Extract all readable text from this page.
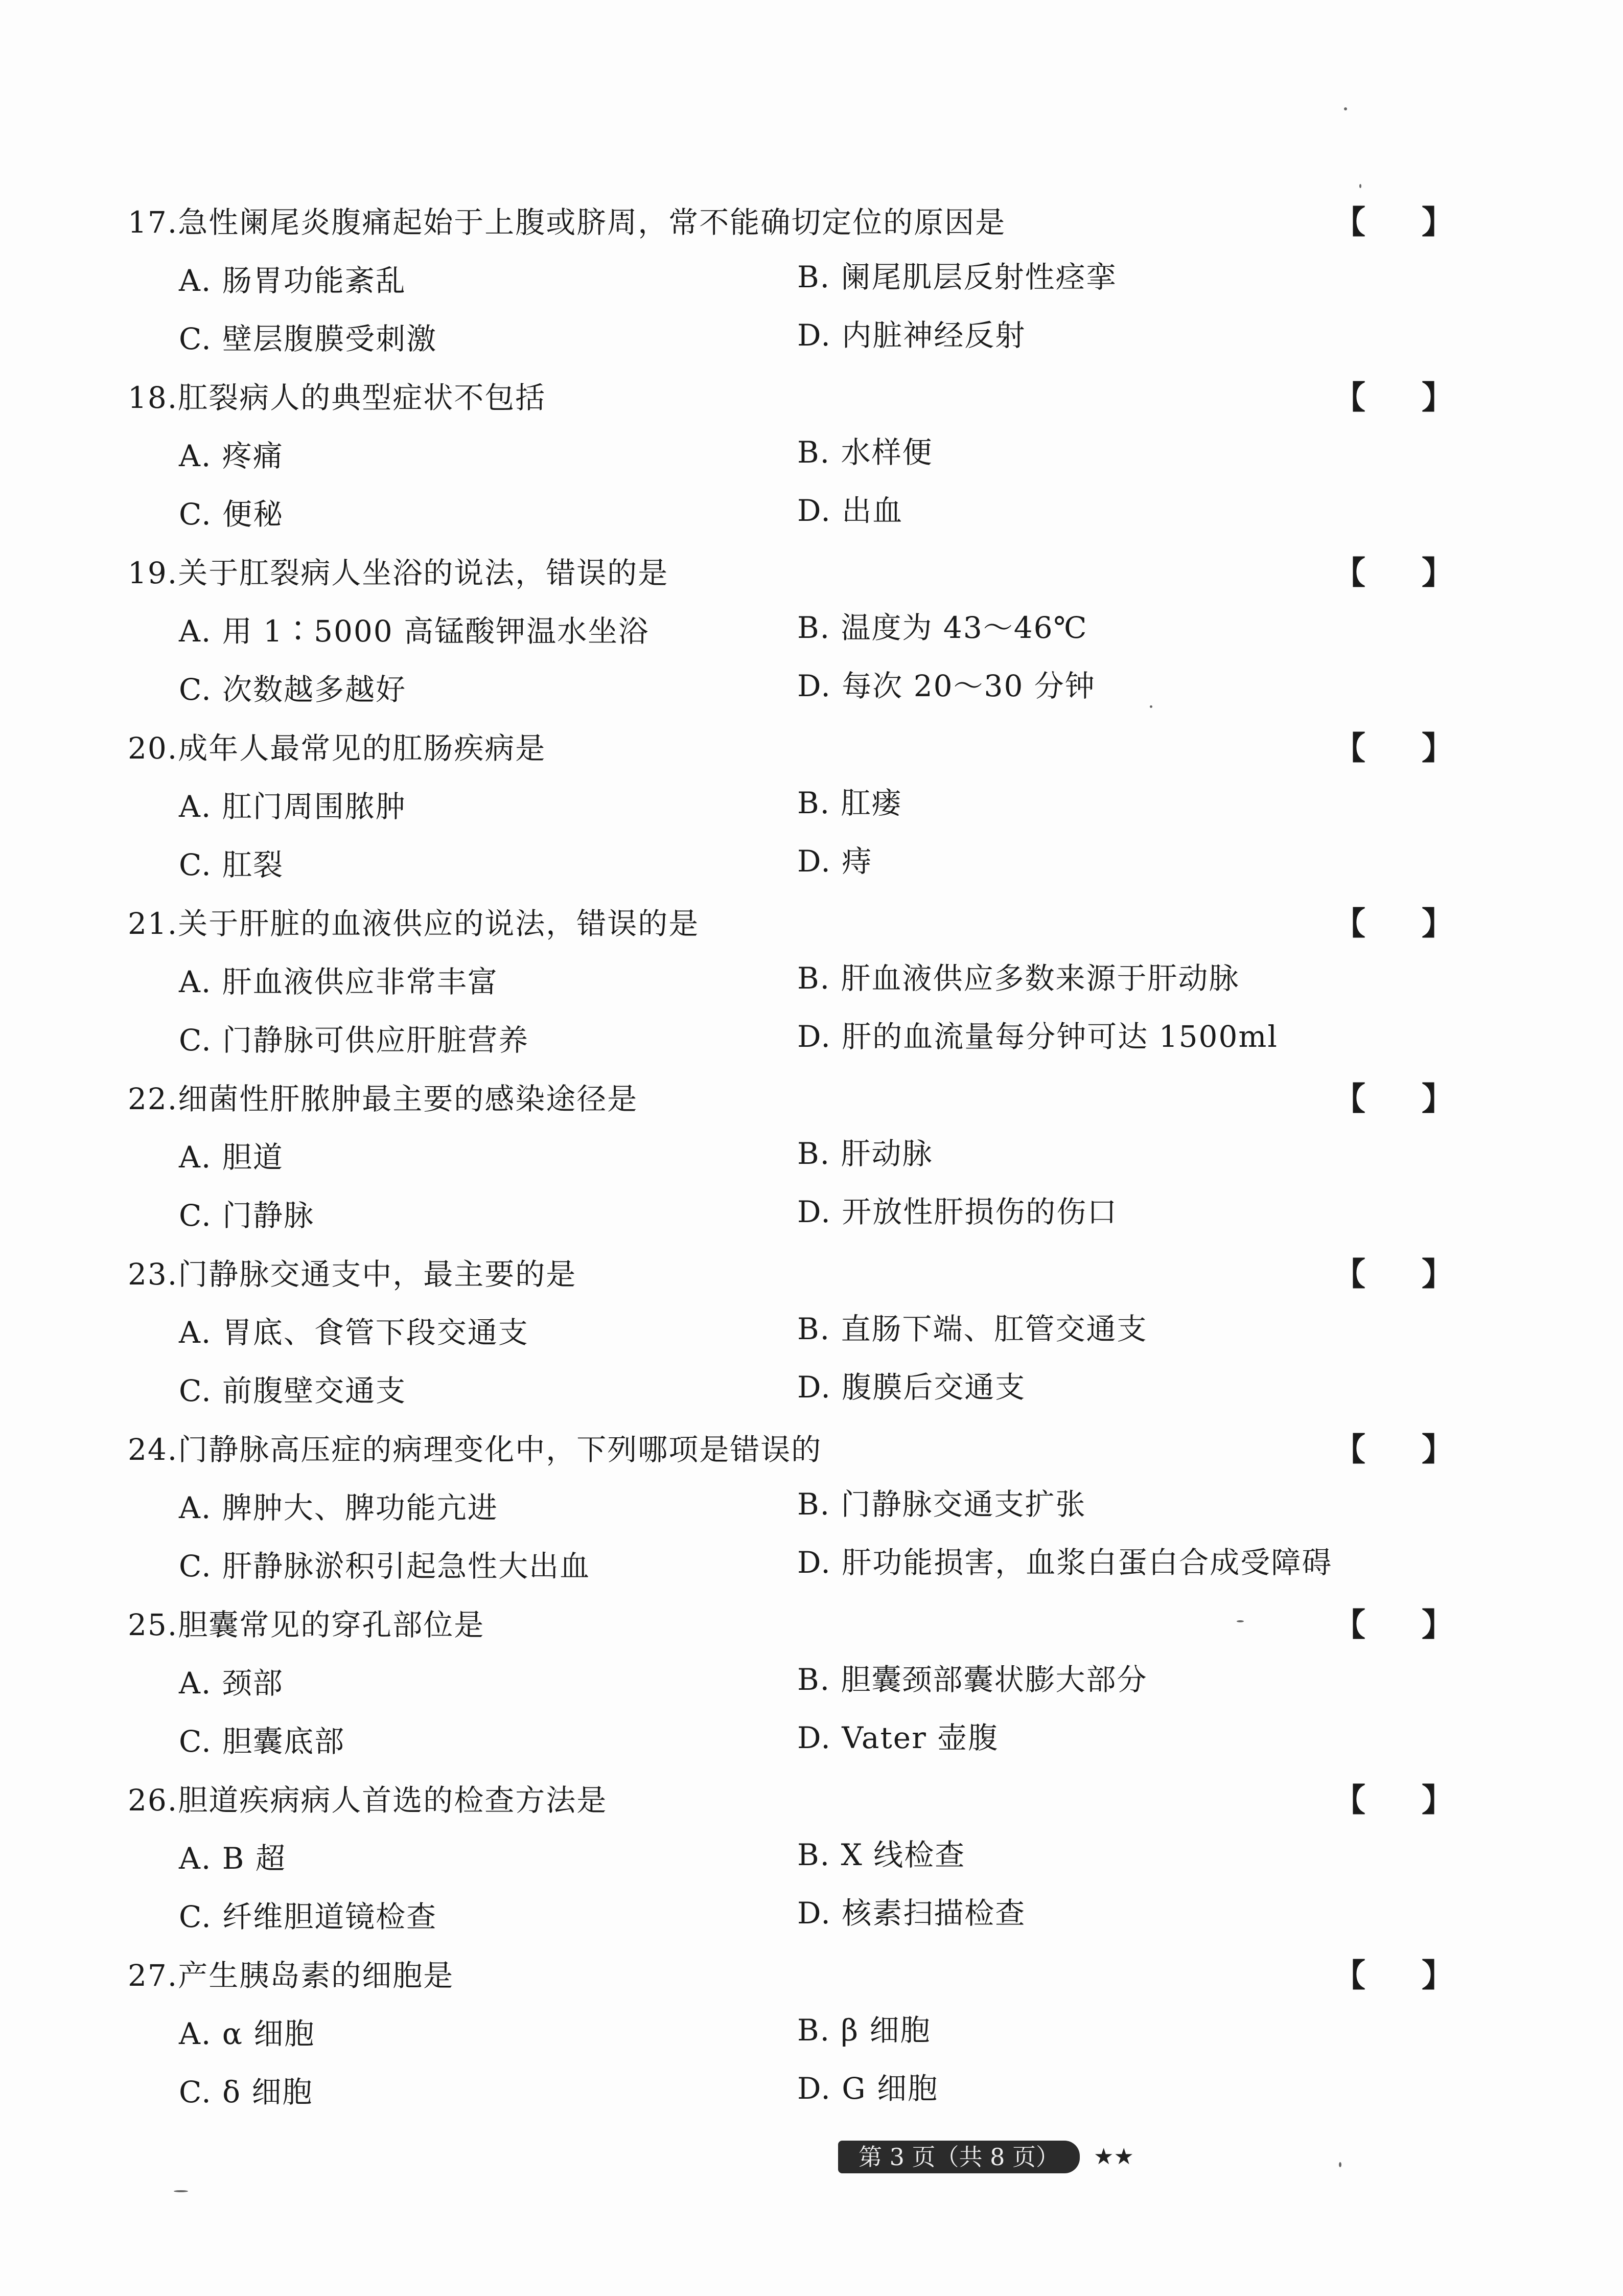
17.急性阑尾炎腹痛起始于上腹或脐周，常不能确切定位的原因是	【 】
A. 肠胃功能紊乱	B. 阑尾肌层反射性痉挛
C. 壁层腹膜受刺激	D. 内脏神经反射
18.肛裂病人的典型症状不包括	【 】
A. 疼痛	B. 水样便
C. 便秘	D. 出血
19.关于肛裂病人坐浴的说法，错误的是	【 】
A. 用 1∶5000 高锰酸钾温水坐浴	B. 温度为 43～46℃
C. 次数越多越好	D. 每次 20～30 分钟
20.成年人最常见的肛肠疾病是	【 】
A. 肛门周围脓肿	B. 肛瘘
C. 肛裂	D. 痔
21.关于肝脏的血液供应的说法，错误的是	【 】
A. 肝血液供应非常丰富	B. 肝血液供应多数来源于肝动脉
C. 门静脉可供应肝脏营养	D. 肝的血流量每分钟可达 1500ml
22.细菌性肝脓肿最主要的感染途径是	【 】
A. 胆道	B. 肝动脉
C. 门静脉	D. 开放性肝损伤的伤口
23.门静脉交通支中，最主要的是	【 】
A. 胃底、食管下段交通支	B. 直肠下端、肛管交通支
C. 前腹壁交通支	D. 腹膜后交通支
24.门静脉高压症的病理变化中，下列哪项是错误的	【 】
A. 脾肿大、脾功能亢进	B. 门静脉交通支扩张
C. 肝静脉淤积引起急性大出血	D. 肝功能损害，血浆白蛋白合成受障碍
25.胆囊常见的穿孔部位是	【 】
A. 颈部	B. 胆囊颈部囊状膨大部分
C. 胆囊底部	D. Vater 壶腹
26.胆道疾病病人首选的检查方法是	【 】
A. B 超	B. X 线检查
C. 纤维胆道镜检查	D. 核素扫描检查
27.产生胰岛素的细胞是	【 】
A. α 细胞	B. β 细胞
C. δ 细胞	D. G 细胞
第 3 页（共 8 页）	★★
